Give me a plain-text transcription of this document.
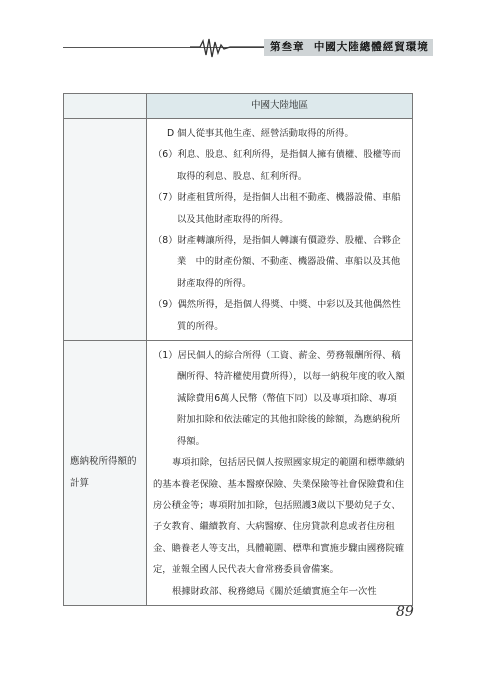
第叁章 中國大陸總體經貿環境
	中國大陸地區

	D 個人從事其他生產、經營活動取得的所得。

（6）利息、股息、紅利所得，是指個人擁有債權、股權等而取得的利息、股息、紅利所得。

（7）財產租賃所得，是指個人出租不動產、機器設備、車船以及其他財產取得的所得。

（8）財產轉讓所得，是指個人轉讓有價證券、股權、合夥企業　中的財產份額、不動產、機器設備、車船以及其他財產取得的所得。

（9）偶然所得，是指個人得獎、中獎、中彩以及其他偶然性質的所得。

應納稅所得額的計算	（1）居民個人的綜合所得（工資、薪金、勞務報酬所得、稿酬所得、特許權使用費所得），以每一納稅年度的收入額減除費用6萬人民幣（幣值下同）以及專項扣除、專項附加扣除和依法確定的其他扣除後的餘額，為應納稅所得額。

專項扣除，包括居民個人按照國家規定的範圍和標準繳納的基本養老保險、基本醫療保險、失業保險等社會保險費和住房公積金等；專項附加扣除，包括照護3歲以下嬰幼兒子女、子女教育、繼續教育、大病醫療、住房貸款利息或者住房租金、贍養老人等支出，具體範圍、標準和實施步驟由國務院確定，並報全國人民代表大會常務委員會備案。

根據財政部、稅務總局《關於延續實施全年一次性

89
